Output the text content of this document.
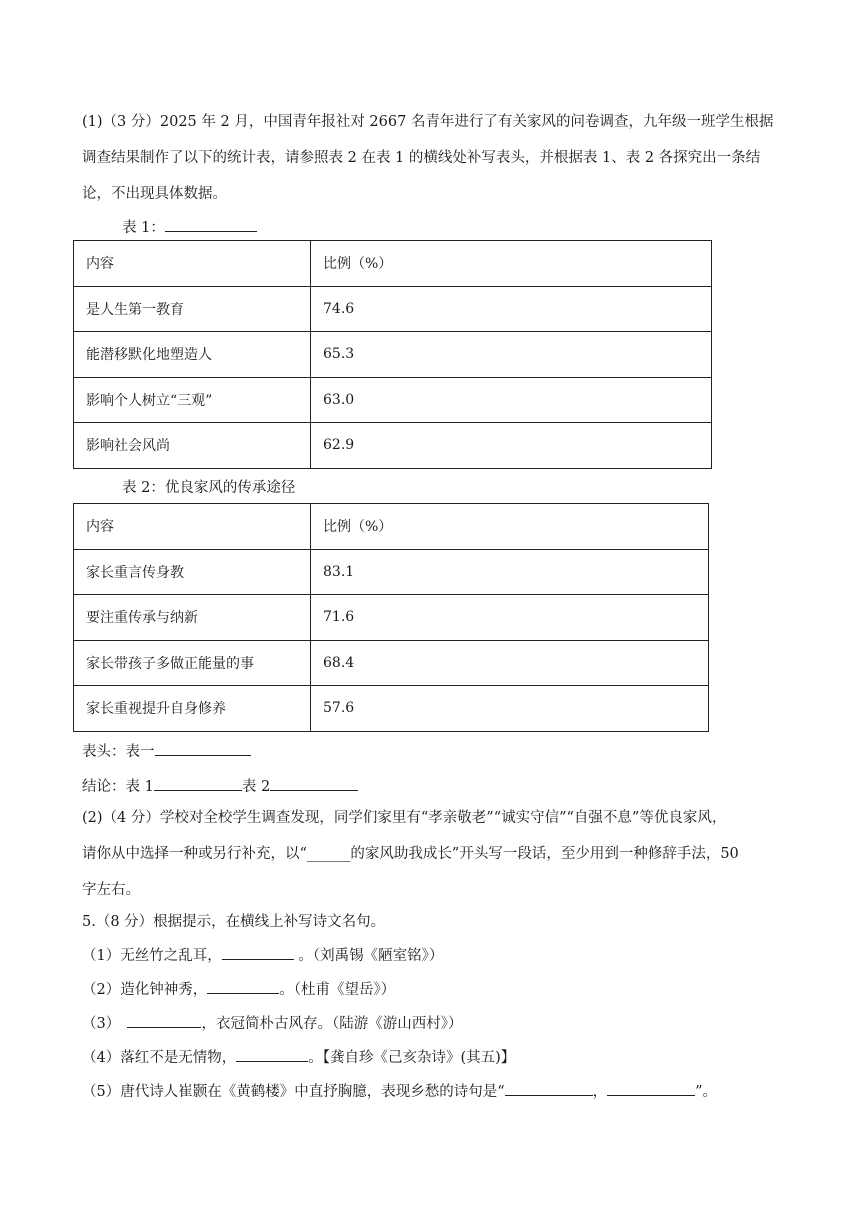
(1)（3 分）2025 年 2 月，中国青年报社对 2667 名青年进行了有关家风的问卷调查，九年级一班学生根据
调查结果制作了以下的统计表，请参照表 2 在表 1 的横线处补写表头，并根据表 1、表 2 各探究出一条结
论，不出现具体数据。
表 1：
内容	比例（%）
是人生第一教育	74.6
能潜移默化地塑造人	65.3
影响个人树立“三观”	63.0
影响社会风尚	62.9
表 2：优良家风的传承途径
内容	比例（%）
家长重言传身教	83.1
要注重传承与纳新	71.6
家长带孩子多做正能量的事	68.4
家长重视提升自身修养	57.6
表头：表一
结论：表 1	表 2
(2)（4 分）学校对全校学生调查发现，同学们家里有“孝亲敬老”“诚实守信”“自强不息”等优良家风，
请你从中选择一种或另行补充，以“______的家风助我成长”开头写一段话，至少用到一种修辞手法，50
字左右。
5.（8 分）根据提示，在横线上补写诗文名句。
（1）无丝竹之乱耳，	。（刘禹锡《陋室铭》）
（2）造化钟神秀，	。（杜甫《望岳》）
（3）　	，衣冠简朴古风存。（陆游《游山西村》）
（4）落红不是无情物，	。【龚自珍《己亥杂诗》(其五)】
（5）唐代诗人崔颢在《黄鹤楼》中直抒胸臆，表现乡愁的诗句是“	，	”。
